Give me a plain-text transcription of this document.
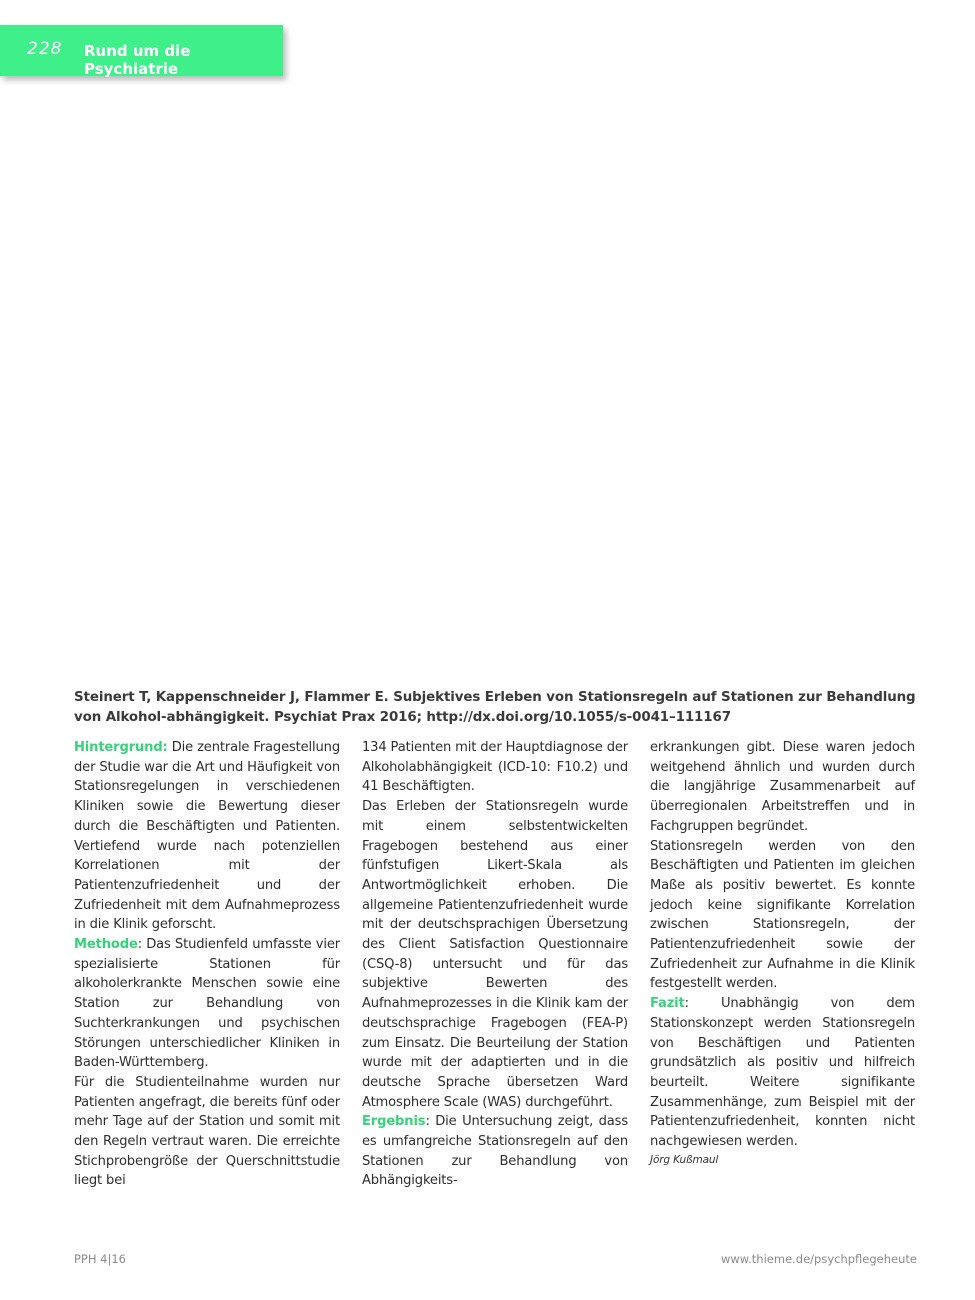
228 Rund um die Psychiatrie
Steinert T, Kappenschneider J, Flammer E. Subjektives Erleben von Stationsregeln auf Stationen zur Behandlung von Alkohol-abhängigkeit. Psychiat Prax 2016; http://dx.doi.org/10.1055/s-0041–111167

Hintergrund: Die zentrale Fragestellung der Studie war die Art und Häufigkeit von Stationsregelungen in verschiedenen Kliniken sowie die Bewertung dieser durch die Beschäftigten und Patienten. Vertiefend wurde nach potenziellen Korrelationen mit der Patientenzufriedenheit und der Zufriedenheit mit dem Aufnahmeprozess in die Klinik geforscht.

Methode: Das Studienfeld umfasste vier spezialisierte Stationen für alkoholerkrankte Menschen sowie eine Station zur Behandlung von Suchterkrankungen und psychischen Störungen unterschiedlicher Kliniken in Baden-Württemberg.

Für die Studienteilnahme wurden nur Patienten angefragt, die bereits fünf oder mehr Tage auf der Station und somit mit den Regeln vertraut waren. Die erreichte Stichprobengröße der Querschnittstudie liegt bei

134 Patienten mit der Hauptdiagnose der Alkoholabhängigkeit (ICD-10: F10.2) und 41 Beschäftigten.

Das Erleben der Stationsregeln wurde mit einem selbstentwickelten Fragebogen bestehend aus einer fünfstufigen Likert-Skala als Antwortmöglichkeit erhoben. Die allgemeine Patientenzufriedenheit wurde mit der deutschsprachigen Übersetzung des Client Satisfaction Questionnaire (CSQ-8) untersucht und für das subjektive Bewerten des Aufnahmeprozesses in die Klinik kam der deutschsprachige Fragebogen (FEA-P) zum Einsatz. Die Beurteilung der Station wurde mit der adaptierten und in die deutsche Sprache übersetzen Ward Atmosphere Scale (WAS) durchgeführt.

Ergebnis: Die Untersuchung zeigt, dass es umfangreiche Stationsregeln auf den Stationen zur Behandlung von Abhängigkeits-

erkrankungen gibt. Diese waren jedoch weitgehend ähnlich und wurden durch die langjährige Zusammenarbeit auf überregionalen Arbeitstreffen und in Fachgruppen begründet.

Stationsregeln werden von den Beschäftigten und Patienten im gleichen Maße als positiv bewertet. Es konnte jedoch keine signifikante Korrelation zwischen Stationsregeln, der Patientenzufriedenheit sowie der Zufriedenheit zur Aufnahme in die Klinik festgestellt werden.

Fazit: Unabhängig von dem Stationskonzept werden Stationsregeln von Beschäftigen und Patienten grundsätzlich als positiv und hilfreich beurteilt. Weitere signifikante Zusammenhänge, zum Beispiel mit der Patientenzufriedenheit, konnten nicht nachgewiesen werden.

Jörg Kußmaul

PPH 4|16	www.thieme.de/psychpflegeheute
